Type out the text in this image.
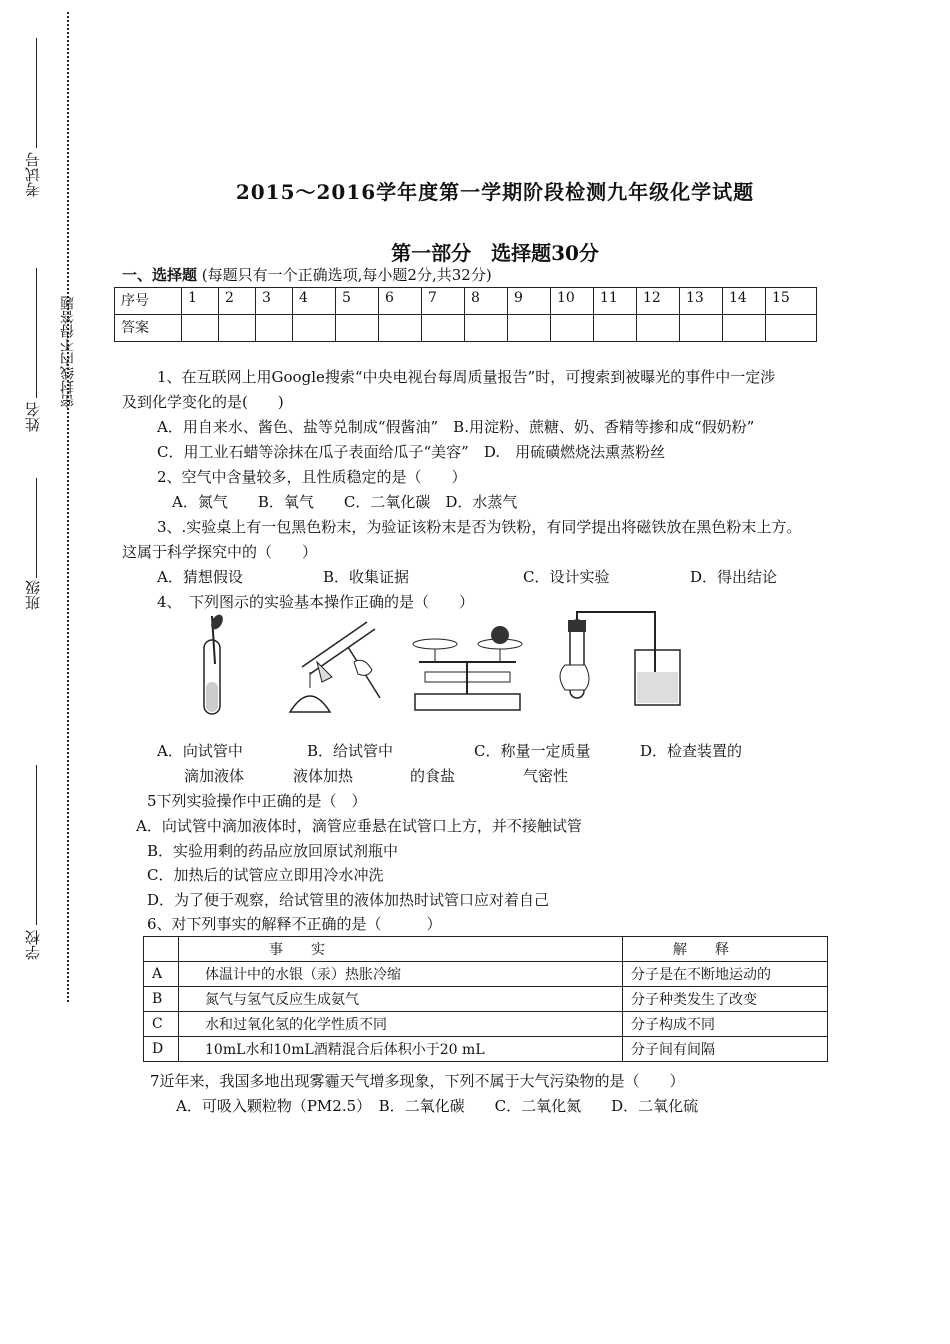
考试号
姓名
密封线内不得答题
班级
学校
2015～2016学年度第一学期阶段检测九年级化学试题
第一部分　选择题30分
一、选择题 (每题只有一个正确选项,每小题2分,共32分)
序号	1	2	3	4	5	6	7	8	9	10	11	12	13	14	15
答案															
1、在互联网上用Google搜索“中央电视台每周质量报告”时，可搜索到被曝光的事件中一定涉
及到化学变化的是(　　)
A．用自来水、酱色、盐等兑制成“假酱油”　B.用淀粉、蔗糖、奶、香精等掺和成“假奶粉”
C．用工业石蜡等涂抹在瓜子表面给瓜子“美容”　D.　用硫磺燃烧法熏蒸粉丝
2、空气中含量较多，且性质稳定的是（　　）
A．氮气　　B．氧气　　C．二氧化碳　D．水蒸气
3、.实验桌上有一包黑色粉末，为验证该粉末是否为铁粉，有同学提出将磁铁放在黑色粉末上方。
这属于科学探究中的（　　）
A．猜想假设	B．收集证据	C．设计实验	D．得出结论
4、　下列图示的实验基本操作正确的是（　　）
A．向试管中
滴加液体
B．给试管中
液体加热
C．称量一定质量
的食盐
D．检查装置的
气密性
5下列实验操作中正确的是（　）
A．向试管中滴加液体时，滴管应垂悬在试管口上方，并不接触试管
B．实验用剩的药品应放回原试剂瓶中
C．加热后的试管应立即用冷水冲洗
D．为了便于观察，给试管里的液体加热时试管口应对着自己
6、对下列事实的解释不正确的是（　　　）
	事　　实	解　　释
A	体温计中的水银（汞）热胀冷缩	分子是在不断地运动的
B	氮气与氢气反应生成氨气	分子种类发生了改变
C	水和过氧化氢的化学性质不同	分子构成不同
D	10mL水和10mL酒精混合后体积小于20 mL	分子间有间隔
7近年来，我国多地出现雾霾天气增多现象，下列不属于大气污染物的是（　　）
A．可吸入颗粒物（PM2.5）　B．二氧化碳　　C．二氧化氮　　D．二氧化硫
